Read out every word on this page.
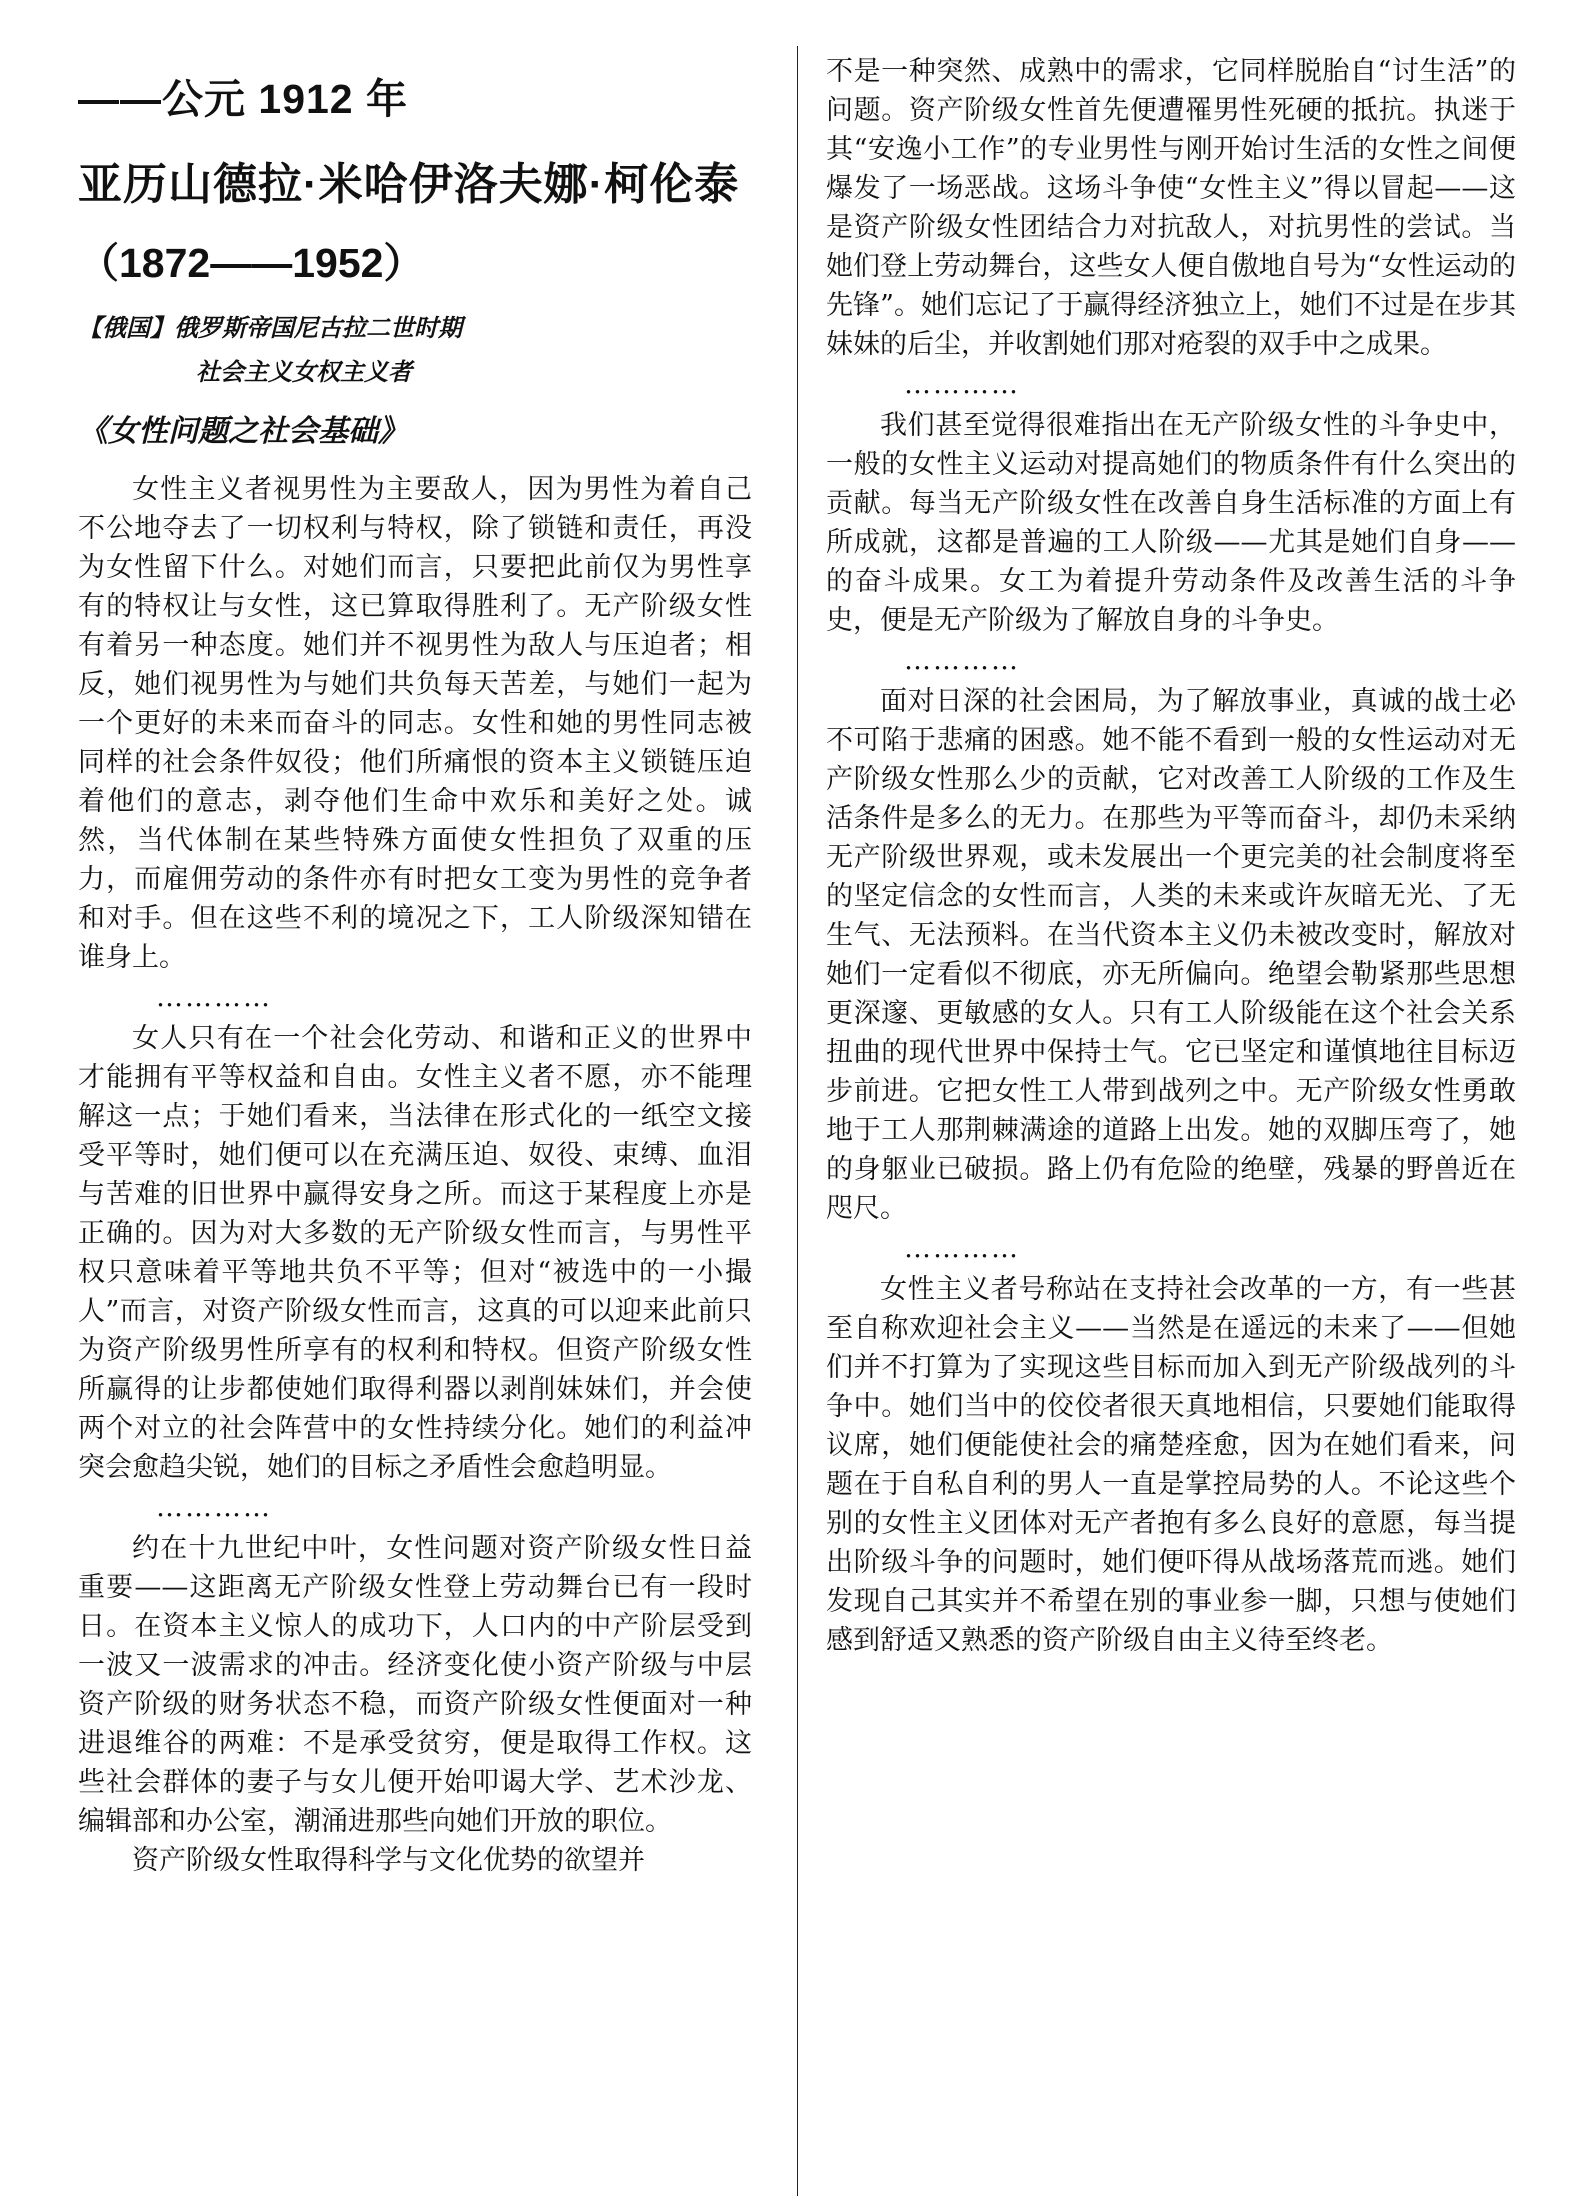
——公元 1912 年
亚历山德拉·米哈伊洛夫娜·柯伦泰
（1872——1952）
【俄国】俄罗斯帝国尼古拉二世时期
社会主义女权主义者
《女性问题之社会基础》

女性主义者视男性为主要敌人，因为男性为着自己不公地夺去了一切权利与特权，除了锁链和责任，再没为女性留下什么。对她们而言，只要把此前仅为男性享有的特权让与女性，这已算取得胜利了。无产阶级女性有着另一种态度。她们并不视男性为敌人与压迫者；相反，她们视男性为与她们共负每天苦差，与她们一起为一个更好的未来而奋斗的同志。女性和她的男性同志被同样的社会条件奴役；他们所痛恨的资本主义锁链压迫着他们的意志，剥夺他们生命中欢乐和美好之处。诚然，当代体制在某些特殊方面使女性担负了双重的压力，而雇佣劳动的条件亦有时把女工变为男性的竞争者和对手。但在这些不利的境况之下，工人阶级深知错在谁身上。

…………

女人只有在一个社会化劳动、和谐和正义的世界中才能拥有平等权益和自由。女性主义者不愿，亦不能理解这一点；于她们看来，当法律在形式化的一纸空文接受平等时，她们便可以在充满压迫、奴役、束缚、血泪与苦难的旧世界中赢得安身之所。而这于某程度上亦是正确的。因为对大多数的无产阶级女性而言，与男性平权只意味着平等地共负不平等；但对“被选中的一小撮人”而言，对资产阶级女性而言，这真的可以迎来此前只为资产阶级男性所享有的权利和特权。但资产阶级女性所赢得的让步都使她们取得利器以剥削妹妹们，并会使两个对立的社会阵营中的女性持续分化。她们的利益冲突会愈趋尖锐，她们的目标之矛盾性会愈趋明显。

…………

约在十九世纪中叶，女性问题对资产阶级女性日益重要——这距离无产阶级女性登上劳动舞台已有一段时日。在资本主义惊人的成功下，人口内的中产阶层受到一波又一波需求的冲击。经济变化使小资产阶级与中层资产阶级的财务状态不稳，而资产阶级女性便面对一种进退维谷的两难：不是承受贫穷，便是取得工作权。这些社会群体的妻子与女儿便开始叩谒大学、艺术沙龙、编辑部和办公室，潮涌进那些向她们开放的职位。

资产阶级女性取得科学与文化优势的欲望并

不是一种突然、成熟中的需求，它同样脱胎自“讨生活”的问题。资产阶级女性首先便遭罹男性死硬的抵抗。执迷于其“安逸小工作”的专业男性与刚开始讨生活的女性之间便爆发了一场恶战。这场斗争使“女性主义”得以冒起——这是资产阶级女性团结合力对抗敌人，对抗男性的尝试。当她们登上劳动舞台，这些女人便自傲地自号为“女性运动的先锋”。她们忘记了于赢得经济独立上，她们不过是在步其妹妹的后尘，并收割她们那对疮裂的双手中之成果。

…………

我们甚至觉得很难指出在无产阶级女性的斗争史中，一般的女性主义运动对提高她们的物质条件有什么突出的贡献。每当无产阶级女性在改善自身生活标准的方面上有所成就，这都是普遍的工人阶级——尤其是她们自身——的奋斗成果。女工为着提升劳动条件及改善生活的斗争史，便是无产阶级为了解放自身的斗争史。

…………

面对日深的社会困局，为了解放事业，真诚的战士必不可陷于悲痛的困惑。她不能不看到一般的女性运动对无产阶级女性那么少的贡献，它对改善工人阶级的工作及生活条件是多么的无力。在那些为平等而奋斗，却仍未采纳无产阶级世界观，或未发展出一个更完美的社会制度将至的坚定信念的女性而言，人类的未来或许灰暗无光、了无生气、无法预料。在当代资本主义仍未被改变时，解放对她们一定看似不彻底，亦无所偏向。绝望会勒紧那些思想更深邃、更敏感的女人。只有工人阶级能在这个社会关系扭曲的现代世界中保持士气。它已坚定和谨慎地往目标迈步前进。它把女性工人带到战列之中。无产阶级女性勇敢地于工人那荆棘满途的道路上出发。她的双脚压弯了，她的身躯业已破损。路上仍有危险的绝壁，残暴的野兽近在咫尺。

…………

女性主义者号称站在支持社会改革的一方，有一些甚至自称欢迎社会主义——当然是在遥远的未来了——但她们并不打算为了实现这些目标而加入到无产阶级战列的斗争中。她们当中的佼佼者很天真地相信，只要她们能取得议席，她们便能使社会的痛楚痊愈，因为在她们看来，问题在于自私自利的男人一直是掌控局势的人。不论这些个别的女性主义团体对无产者抱有多么良好的意愿，每当提出阶级斗争的问题时，她们便吓得从战场落荒而逃。她们发现自己其实并不希望在别的事业参一脚，只想与使她们感到舒适又熟悉的资产阶级自由主义待至终老。
